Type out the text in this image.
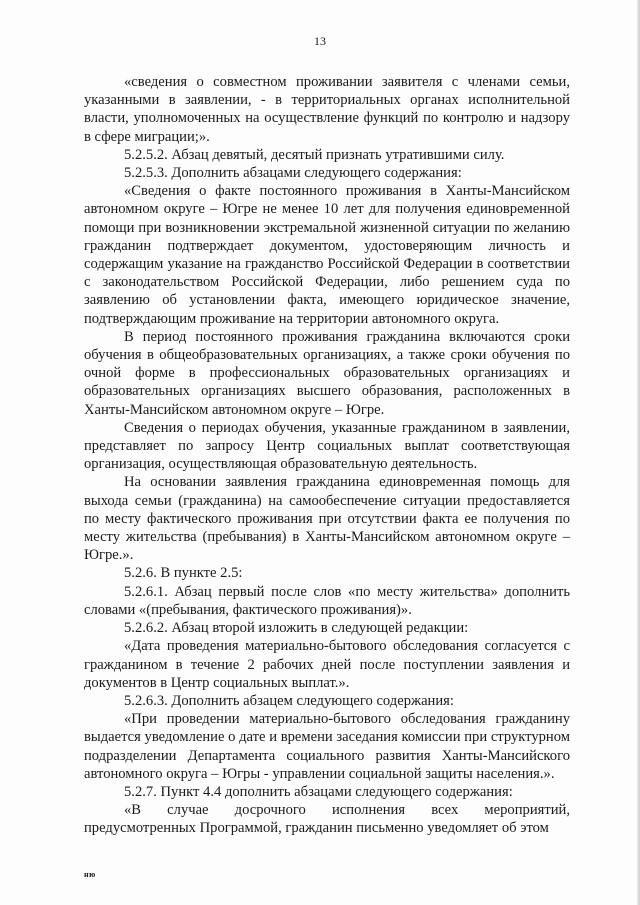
13

«сведения о совместном проживании заявителя с членами семьи, указанными в заявлении, - в территориальных органах исполнительной власти, уполномоченных на осуществление функций по контролю и надзору в сфере миграции;».

5.2.5.2. Абзац девятый, десятый признать утратившими силу.

5.2.5.3. Дополнить абзацами следующего содержания:

«Сведения о факте постоянного проживания в Ханты-Мансийском автономном округе – Югре не менее 10 лет для получения единовременной помощи при возникновении экстремальной жизненной ситуации по желанию гражданин подтверждает документом, удостоверяющим личность и содержащим указание на гражданство Российской Федерации в соответствии с законодательством Российской Федерации, либо решением суда по заявлению об установлении факта, имеющего юридическое значение, подтверждающим проживание на территории автономного округа.

В период постоянного проживания гражданина включаются сроки обучения в общеобразовательных организациях, а также сроки обучения по очной форме в профессиональных образовательных организациях и образовательных организациях высшего образования, расположенных в Ханты-Мансийском автономном округе – Югре.

Сведения о периодах обучения, указанные гражданином в заявлении, представляет по запросу Центр социальных выплат соответствующая организация, осуществляющая образовательную деятельность.

На основании заявления гражданина единовременная помощь для выхода семьи (гражданина) на самообеспечение ситуации предоставляется по месту фактического проживания при отсутствии факта ее получения по месту жительства (пребывания) в Ханты-Мансийском автономном округе – Югре.».

5.2.6. В пункте 2.5:

5.2.6.1. Абзац первый после слов «по месту жительства» дополнить словами «(пребывания, фактического проживания)».

5.2.6.2. Абзац второй изложить в следующей редакции:

«Дата проведения материально-бытового обследования согласуется с гражданином в течение 2 рабочих дней после поступлении заявления и документов в Центр социальных выплат.».

5.2.6.3. Дополнить абзацем следующего содержания:

«При проведении материально-бытового обследования гражданину выдается уведомление о дате и времени заседания комиссии при структурном подразделении Департамента социального развития Ханты-Мансийского автономного округа – Югры - управлении социальной защиты населения.».

5.2.7. Пункт 4.4 дополнить абзацами следующего содержания:

«В случае досрочного исполнения всех мероприятий, предусмотренных Программой, гражданин письменно уведомляет об этом

ню
